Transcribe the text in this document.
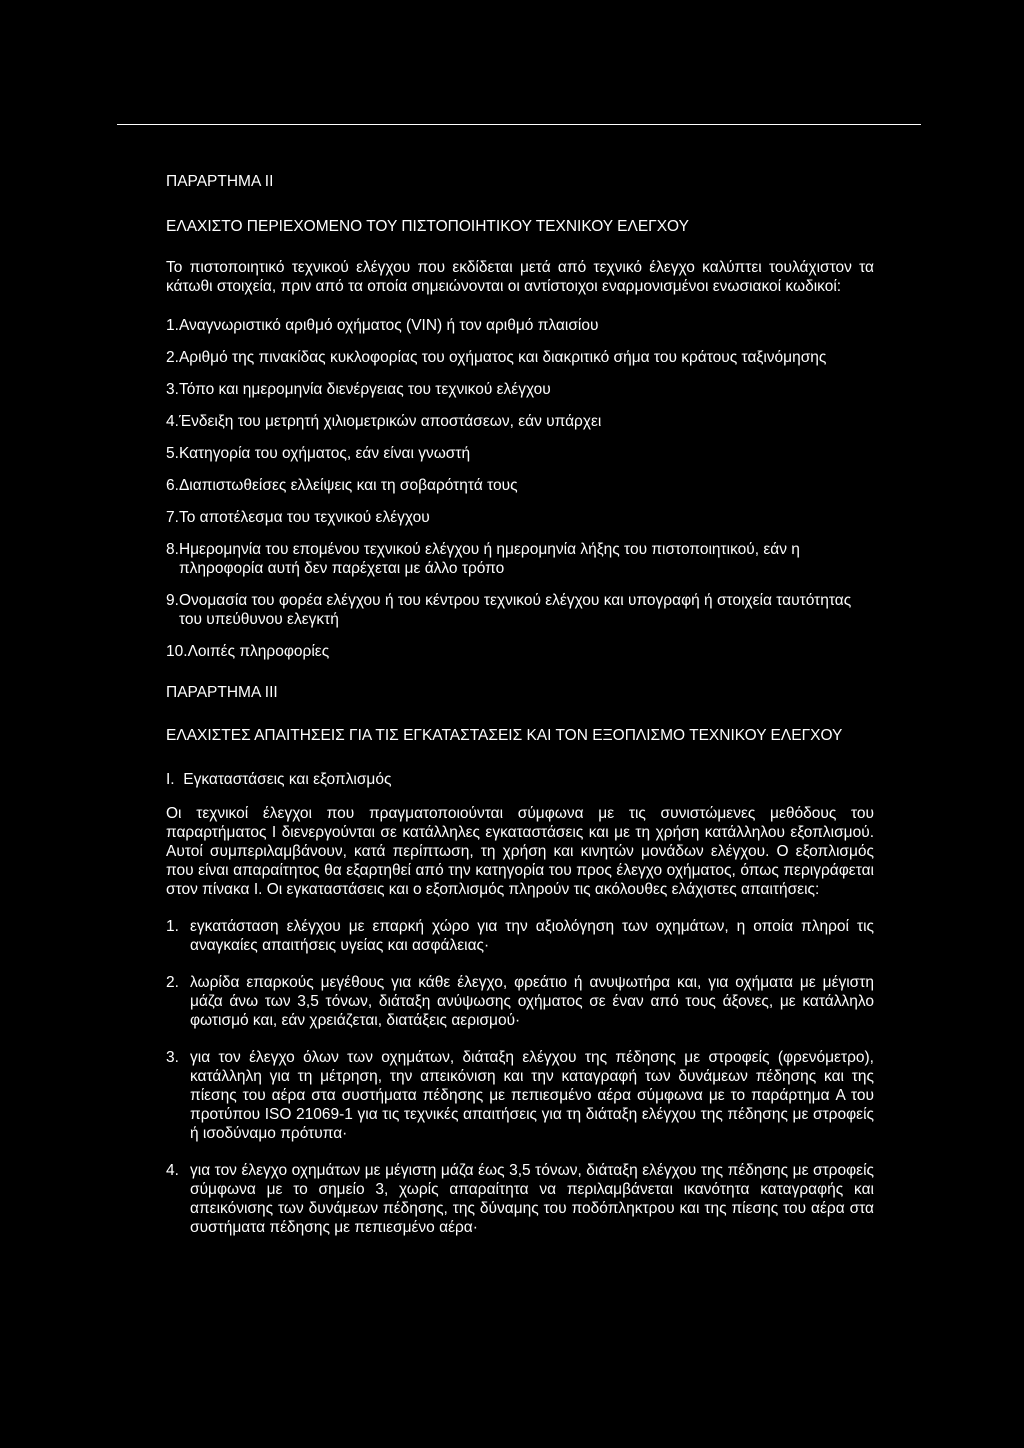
ΠΑΡΑΡΤΗΜΑ II
ΕΛΑΧΙΣΤΟ ΠΕΡΙΕΧΟΜΕΝΟ ΤΟΥ ΠΙΣΤΟΠΟΙΗΤΙΚΟΥ ΤΕΧΝΙΚΟΥ ΕΛΕΓΧΟΥ
Το πιστοποιητικό τεχνικού ελέγχου που εκδίδεται μετά από τεχνικό έλεγχο καλύπτει τουλάχιστον τα κάτωθι στοιχεία, πριν από τα οποία σημειώνονται οι αντίστοιχοι εναρμονισμένοι ενωσιακοί κωδικοί:
1. Αναγνωριστικό αριθμό οχήματος (VIN) ή τον αριθμό πλαισίου
2. Αριθμό της πινακίδας κυκλοφορίας του οχήματος και διακριτικό σήμα του κράτους ταξινόμησης
3. Τόπο και ημερομηνία διενέργειας του τεχνικού ελέγχου
4. Ένδειξη του μετρητή χιλιομετρικών αποστάσεων, εάν υπάρχει
5. Κατηγορία του οχήματος, εάν είναι γνωστή
6. Διαπιστωθείσες ελλείψεις και τη σοβαρότητά τους
7. Το αποτέλεσμα του τεχνικού ελέγχου
8. Ημερομηνία του επομένου τεχνικού ελέγχου ή ημερομηνία λήξης του πιστοποιητικού, εάν η πληροφορία αυτή δεν παρέχεται με άλλο τρόπο
9. Ονομασία του φορέα ελέγχου ή του κέντρου τεχνικού ελέγχου και υπογραφή ή στοιχεία ταυτότητας του υπεύθυνου ελεγκτή
10. Λοιπές πληροφορίες
ΠΑΡΑΡΤΗΜΑ III
ΕΛΑΧΙΣΤΕΣ ΑΠΑΙΤΗΣΕΙΣ ΓΙΑ ΤΙΣ ΕΓΚΑΤΑΣΤΑΣΕΙΣ ΚΑΙ ΤΟΝ ΕΞΟΠΛΙΣΜΟ ΤΕΧΝΙΚΟΥ ΕΛΕΓΧΟΥ
I.  Εγκαταστάσεις και εξοπλισμός
Οι τεχνικοί έλεγχοι που πραγματοποιούνται σύμφωνα με τις συνιστώμενες μεθόδους του παραρτήματος I διενεργούνται σε κατάλληλες εγκαταστάσεις και με τη χρήση κατάλληλου εξοπλισμού. Αυτοί συμπεριλαμβάνουν, κατά περίπτωση, τη χρήση και κινητών μονάδων ελέγχου. Ο εξοπλισμός που είναι απαραίτητος θα εξαρτηθεί από την κατηγορία του προς έλεγχο οχήματος, όπως περιγράφεται στον πίνακα I. Οι εγκαταστάσεις και ο εξοπλισμός πληρούν τις ακόλουθες ελάχιστες απαιτήσεις:
1. εγκατάσταση ελέγχου με επαρκή χώρο για την αξιολόγηση των οχημάτων, η οποία πληροί τις αναγκαίες απαιτήσεις υγείας και ασφάλειας·
2. λωρίδα επαρκούς μεγέθους για κάθε έλεγχο, φρεάτιο ή ανυψωτήρα και, για οχήματα με μέγιστη μάζα άνω των 3,5 τόνων, διάταξη ανύψωσης οχήματος σε έναν από τους άξονες, με κατάλληλο φωτισμό και, εάν χρειάζεται, διατάξεις αερισμού·
3. για τον έλεγχο όλων των οχημάτων, διάταξη ελέγχου της πέδησης με στροφείς (φρενόμετρο), κατάλληλη για τη μέτρηση, την απεικόνιση και την καταγραφή των δυνάμεων πέδησης και της πίεσης του αέρα στα συστήματα πέδησης με πεπιεσμένο αέρα σύμφωνα με το παράρτημα A του προτύπου ISO 21069-1 για τις τεχνικές απαιτήσεις για τη διάταξη ελέγχου της πέδησης με στροφείς ή ισοδύναμο πρότυπα·
4. για τον έλεγχο οχημάτων με μέγιστη μάζα έως 3,5 τόνων, διάταξη ελέγχου της πέδησης με στροφείς σύμφωνα με το σημείο 3, χωρίς απαραίτητα να περιλαμβάνεται ικανότητα καταγραφής και απεικόνισης των δυνάμεων πέδησης, της δύναμης του ποδόπληκτρου και της πίεσης του αέρα στα συστήματα πέδησης με πεπιεσμένο αέρα·
